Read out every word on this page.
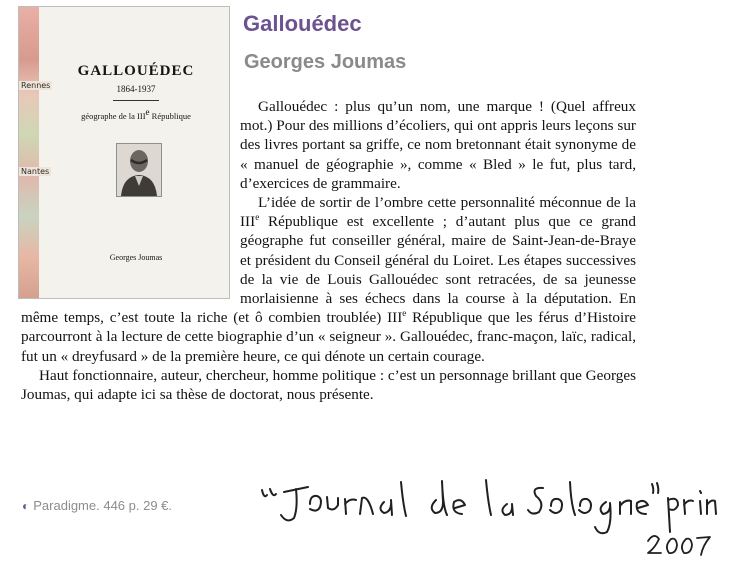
Rennes
Nantes
GALLOUÉDEC
1864-1937
géographe de la IIIe République
Georges Joumas
Gallouédec
Georges Joumas

Gallouédec : plus qu’un nom, une marque ! (Quel affreux mot.) Pour des millions d’écoliers, qui ont appris leurs leçons sur des livres portant sa griffe, ce nom bretonnant était synonyme de « manuel de géographie », comme « Bled » le fut, plus tard, d’exercices de grammaire.

L’idée de sortir de l’ombre cette personnalité méconnue de la IIIe République est excellente ; d’autant plus que ce grand géographe fut conseiller général, maire de Saint-Jean-de-Braye et président du Conseil général du Loiret. Les étapes successives de la vie de Louis Gallouédec sont retracées, de sa jeunesse morlaisienne à ses échecs dans la course à la députation. En même temps, c’est toute la riche (et ô combien troublée) IIIe République que les férus d’Histoire parcourront à la lecture de cette biographie d’un « seigneur ». Gallouédec, franc-maçon, laïc, radical, fut un « dreyfusard » de la première heure, ce qui dénote un certain courage.

Haut fonctionnaire, auteur, chercheur, homme politique : c’est un personnage brillant que Georges Joumas, qui adapte ici sa thèse de doctorat, nous présente.

◐ Paradigme. 446 p. 29 €.
"Journal de la Sologne" printemps 2007
